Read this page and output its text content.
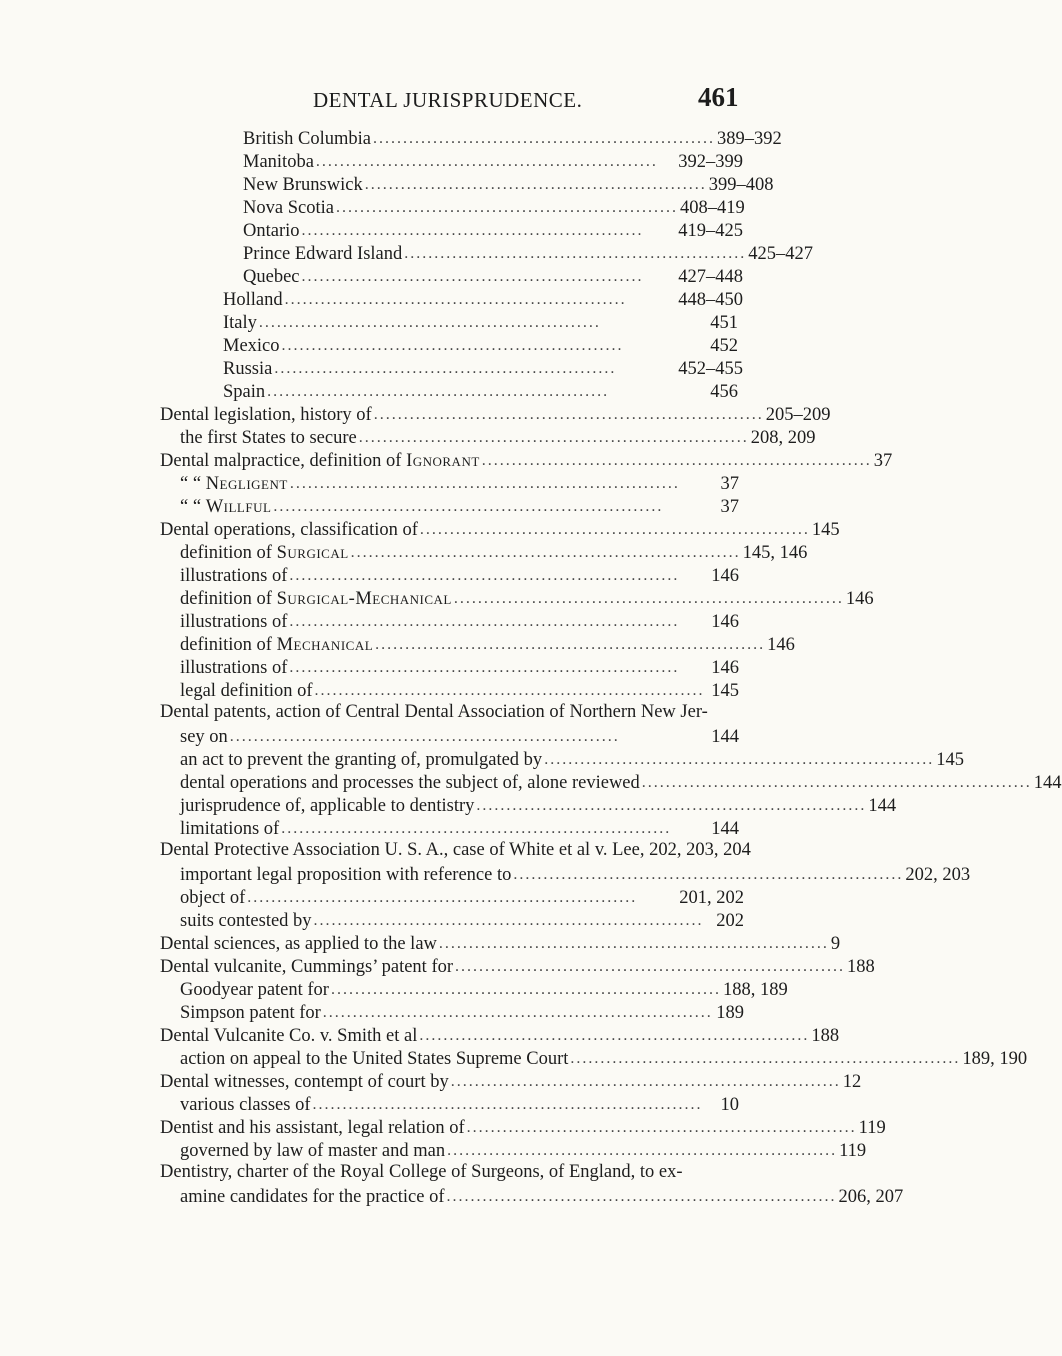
DENTAL JURISPRUDENCE.	461
British Columbia ......................................................... 389–392
Manitoba .........................................................	392–399
New Brunswick ......................................................... 399–408
Nova Scotia ......................................................... 408–419
Ontario .........................................................	419–425
Prince Edward Island ......................................................... 425–427
Quebec .........................................................	427–448
Holland .........................................................	448–450
Italy .........................................................	451
Mexico .........................................................	452
Russia .........................................................	452–455
Spain .........................................................	456
Dental legislation, history of ................................................................. 205–209
the first States to secure ................................................................. 208, 209
Dental malpractice, definition of Ignorant ................................................................. 37
“ “ Negligent .................................................................	37
“ “ Willful .................................................................	37
Dental operations, classification of ................................................................. 145
definition of Surgical ................................................................. 145, 146
illustrations of .................................................................	146
definition of Surgical-Mechanical ................................................................. 146
illustrations of .................................................................	146
definition of Mechanical ................................................................. 146
illustrations of .................................................................	146
legal definition of ................................................................. 145
Dental patents, action of Central Dental Association of Northern New Jer-
sey on .................................................................	144
an act to prevent the granting of, promulgated by ................................................................. 145
dental operations and processes the subject of, alone reviewed ................................................................. 144
jurisprudence of, applicable to dentistry ................................................................. 144
limitations of .................................................................	144
Dental Protective Association U. S. A., case of White et al v. Lee, 202, 203, 204
important legal proposition with reference to ................................................................. 202, 203
object of .................................................................	201, 202
suits contested by ................................................................. 202
Dental sciences, as applied to the law ................................................................. 9
Dental vulcanite, Cummings’ patent for ................................................................. 188
Goodyear patent for ................................................................. 188, 189
Simpson patent for ................................................................. 189
Dental Vulcanite Co. v. Smith et al ................................................................. 188
action on appeal to the United States Supreme Court ................................................................. 189, 190
Dental witnesses, contempt of court by ................................................................. 12
various classes of ................................................................. 10
Dentist and his assistant, legal relation of ................................................................. 119
governed by law of master and man ................................................................. 119
Dentistry, charter of the Royal College of Surgeons, of England, to ex-
amine candidates for the practice of ................................................................. 206, 207
